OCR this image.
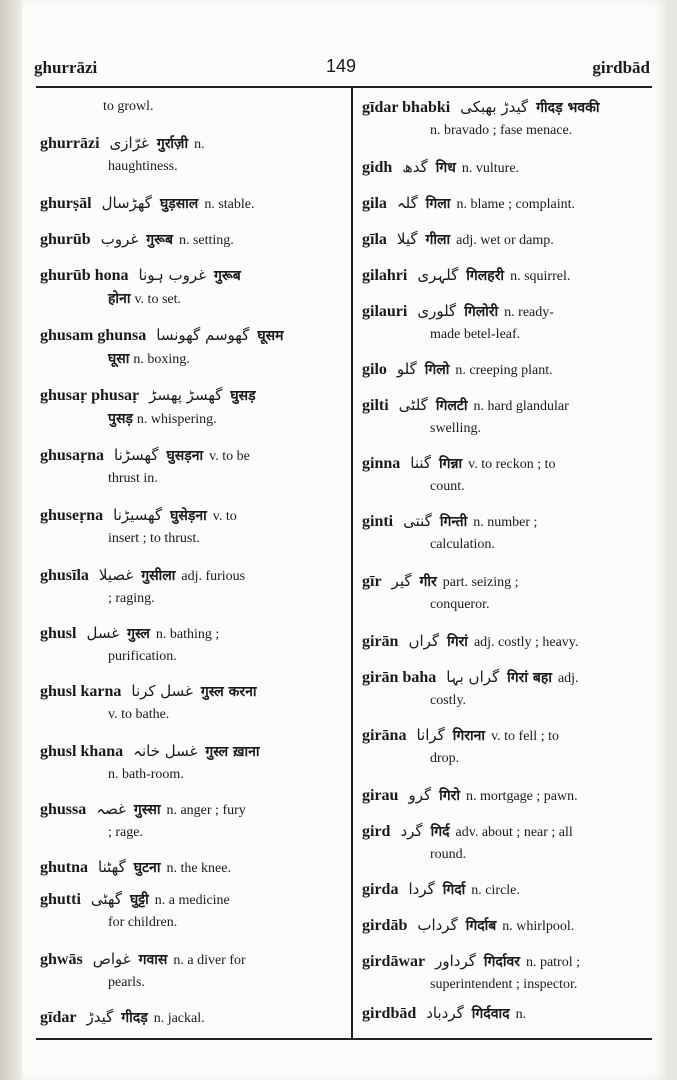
ghurrāzi	149	girdbād
to growl.
ghurrāzi غرّازی गुर्राज़ी n.
haughtiness.
ghurṣāl گھڑسال घुड़साल n. stable.
ghurūb غروب गुरूब n. setting.
ghurūb hona غروب ہونا गुरूब
होना v. to set.
ghusam ghunsa گھوسم گھونسا घूसम
घूसा n. boxing.
ghusaṛ phusaṛ گھسڑ پھسڑ घुसड़
पुसड़ n. whispering.
ghusaṛna گھسڑنا घुसड़ना v. to be
thrust in.
ghuseṛna گھسیڑنا घुसेड़ना v. to
insert ; to thrust.
ghusīla غصیلا गुसीला adj. furious
; raging.
ghusl غسل गुस्ल n. bathing ;
purification.
ghusl karna غسل کرنا गुस्ल करना
v. to bathe.
ghusl khana غسل خانہ गुस्ल ख़ाना
n. bath-room.
ghussa غصہ गुस्सा n. anger ; fury
; rage.
ghutna گھٹنا घुटना n. the knee.
ghutti گھٹی घुट्टी n. a medicine
for children.
ghwās غواص गवास n. a diver for
pearls.
gīdar گیدڑ गीदड़ n. jackal.
gīdar bhabki گیدڑ بھبکی गीदड़ भवकी
n. bravado ; fase menace.
gidh گدھ गिध n. vulture.
gila گلہ गिला n. blame ; complaint.
gīla گیلا गीला adj. wet or damp.
gilahri گلہری गिलहरी n. squirrel.
gilauri گلوری गिलोरी n. ready-
made betel-leaf.
gilo گلو गिलो n. creeping plant.
gilti گلٹی गिलटी n. hard glandular
swelling.
ginna گننا गिन्ना v. to reckon ; to
count.
ginti گنتی गिन्ती n. number ;
calculation.
gīr گیر गीर part. seizing ;
conqueror.
girān گراں गिरां adj. costly ; heavy.
girān baha گراں بہا गिरां बहा adj.
costly.
girāna گرانا गिराना v. to fell ; to
drop.
girau گرو गिरो n. mortgage ; pawn.
gird گرد गिर्द adv. about ; near ; all
round.
girda گردا गिर्दा n. circle.
girdāb گرداب गिर्दाब n. whirlpool.
girdāwar گرداور गिर्दावर n. patrol ;
superintendent ; inspector.
girdbād گردباد गिर्दवाद n.
